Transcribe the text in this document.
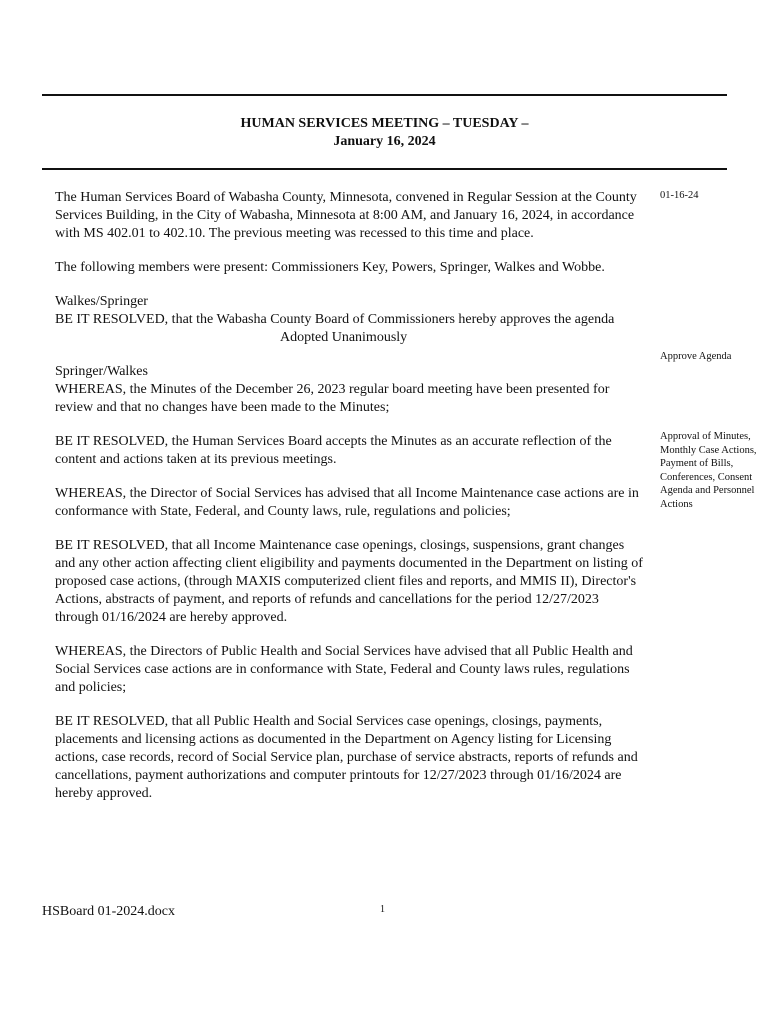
HUMAN SERVICES MEETING – TUESDAY –
January 16, 2024

The Human Services Board of Wabasha County, Minnesota, convened in Regular Session at the County Services Building, in the City of Wabasha, Minnesota at 8:00 AM, and January 16, 2024, in accordance with MS 402.01 to 402.10. The previous meeting was recessed to this time and place.

The following members were present: Commissioners Key, Powers, Springer, Walkes and Wobbe.

Walkes/Springer

BE IT RESOLVED, that the Wabasha County Board of Commissioners hereby approves the agenda

Adopted Unanimously

Springer/Walkes

WHEREAS, the Minutes of the December 26, 2023 regular board meeting have been presented for review and that no changes have been made to the Minutes;

BE IT RESOLVED, the Human Services Board accepts the Minutes as an accurate reflection of the content and actions taken at its previous meetings.

WHEREAS, the Director of Social Services has advised that all Income Maintenance case actions are in conformance with State, Federal, and County laws, rule, regulations and policies;

BE IT RESOLVED, that all Income Maintenance case openings, closings, suspensions, grant changes and any other action affecting client eligibility and payments documented in the Department on listing of proposed case actions, (through MAXIS computerized client files and reports, and MMIS II), Director's Actions, abstracts of payment, and reports of refunds and cancellations for the period 12/27/2023 through 01/16/2024 are hereby approved.

WHEREAS, the Directors of Public Health and Social Services have advised that all Public Health and Social Services case actions are in conformance with State, Federal and County laws rules, regulations and policies;

BE IT RESOLVED, that all Public Health and Social Services case openings, closings, payments, placements and licensing actions as documented in the Department on Agency listing for Licensing actions, case records, record of Social Service plan, purchase of service abstracts, reports of refunds and cancellations, payment authorizations and computer printouts for 12/27/2023 through 01/16/2024 are hereby approved.

01-16-24
Approve Agenda
Approval of Minutes, Monthly Case Actions, Payment of Bills, Conferences, Consent Agenda and Personnel Actions
HSBoard 01-2024.docx	1
